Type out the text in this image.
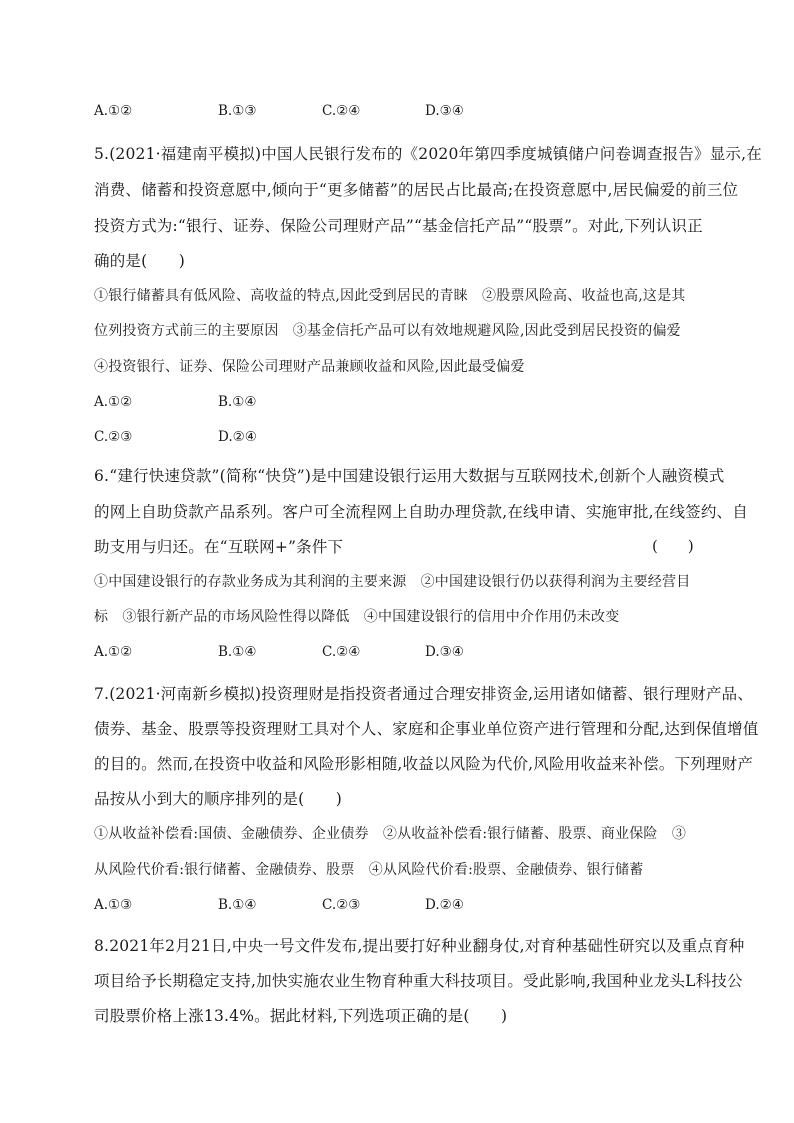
A.①②	B.①③	C.②④	D.③④
5.(2021·福建南平模拟)中国人民银行发布的《2020年第四季度城镇储户问卷调查报告》显示,在
消费、储蓄和投资意愿中,倾向于“更多储蓄”的居民占比最高;在投资意愿中,居民偏爱的前三位
投资方式为:“银行、证券、保险公司理财产品”“基金信托产品”“股票”。对此,下列认识正
确的是(　　)
①银行储蓄具有低风险、高收益的特点,因此受到居民的青睐　②股票风险高、收益也高,这是其
位列投资方式前三的主要原因　③基金信托产品可以有效地规避风险,因此受到居民投资的偏爱
④投资银行、证券、保险公司理财产品兼顾收益和风险,因此最受偏爱
A.①②	B.①④
C.②③	D.②④
6.“建行快速贷款”(简称“快贷”)是中国建设银行运用大数据与互联网技术,创新个人融资模式
的网上自助贷款产品系列。客户可全流程网上自助办理贷款,在线申请、实施审批,在线签约、自
助支用与归还。在“互联网+”条件下	(　　)
①中国建设银行的存款业务成为其利润的主要来源　②中国建设银行仍以获得利润为主要经营目
标　③银行新产品的市场风险性得以降低　④中国建设银行的信用中介作用仍未改变
A.①②	B.①④	C.②④	D.③④
7.(2021·河南新乡模拟)投资理财是指投资者通过合理安排资金,运用诸如储蓄、银行理财产品、
债券、基金、股票等投资理财工具对个人、家庭和企事业单位资产进行管理和分配,达到保值增值
的目的。然而,在投资中收益和风险形影相随,收益以风险为代价,风险用收益来补偿。下列理财产
品按从小到大的顺序排列的是(　　)
①从收益补偿看:国债、金融债券、企业债券　②从收益补偿看:银行储蓄、股票、商业保险　③
从风险代价看:银行储蓄、金融债券、股票　④从风险代价看:股票、金融债券、银行储蓄
A.①③	B.①④	C.②③	D.②④
8.2021年2月21日,中央一号文件发布,提出要打好种业翻身仗,对育种基础性研究以及重点育种
项目给予长期稳定支持,加快实施农业生物育种重大科技项目。受此影响,我国种业龙头L科技公
司股票价格上涨13.4%。据此材料,下列选项正确的是(　　)
